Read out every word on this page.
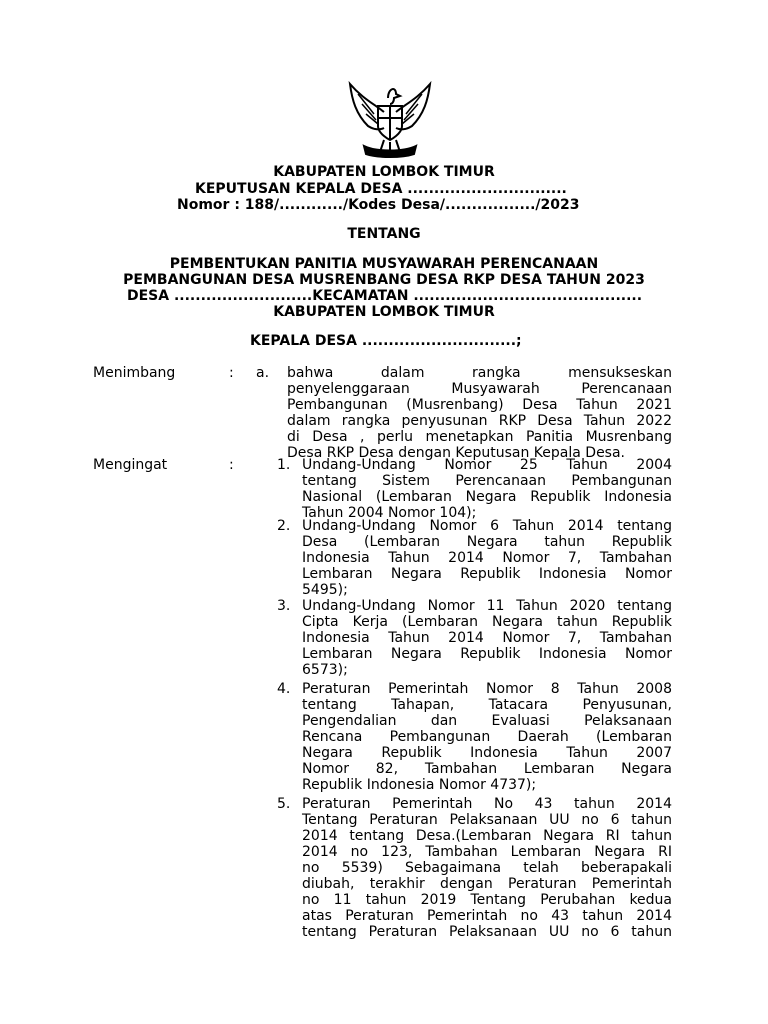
KABUPATEN LOMBOK TIMUR
KEPUTUSAN KEPALA DESA ..............................
Nomor : 188/............/Kodes Desa/................./2023
TENTANG
PEMBENTUKAN PANITIA MUSYAWARAH PERENCANAAN
PEMBANGUNAN DESA MUSRENBANG DESA RKP DESA TAHUN 2023
DESA ..........................KECAMATAN ...........................................
KABUPATEN LOMBOK TIMUR
KEPALA DESA .............................;
Menimbang	: a. bahwa dalam rangka mensukseskan
penyelenggaraan Musyawarah Perencanaan
Pembangunan (Musrenbang) Desa Tahun 2021
dalam rangka penyusunan RKP Desa Tahun 2022
di Desa , perlu menetapkan Panitia Musrenbang
Desa RKP Desa dengan Keputusan Kepala Desa.
Mengingat	:	1. Undang-Undang Nomor 25 Tahun 2004
tentang Sistem Perencanaan Pembangunan
Nasional (Lembaran Negara Republik Indonesia
Tahun 2004 Nomor 104);
2. Undang-Undang Nomor 6 Tahun 2014 tentang
Desa (Lembaran Negara tahun Republik
Indonesia Tahun 2014 Nomor 7, Tambahan
Lembaran Negara Republik Indonesia Nomor
5495);
3. Undang-Undang Nomor 11 Tahun 2020 tentang
Cipta Kerja (Lembaran Negara tahun Republik
Indonesia Tahun 2014 Nomor 7, Tambahan
Lembaran Negara Republik Indonesia Nomor
6573);
4. Peraturan Pemerintah Nomor 8 Tahun 2008
tentang Tahapan, Tatacara Penyusunan,
Pengendalian dan Evaluasi Pelaksanaan
Rencana Pembangunan Daerah (Lembaran
Negara Republik Indonesia Tahun 2007
Nomor 82, Tambahan Lembaran Negara
Republik Indonesia Nomor 4737);
5. Peraturan Pemerintah No 43 tahun 2014
Tentang Peraturan Pelaksanaan UU no 6 tahun
2014 tentang Desa.(Lembaran Negara RI tahun
2014 no 123, Tambahan Lembaran Negara RI
no 5539) Sebagaimana telah beberapakali
diubah, terakhir dengan Peraturan Pemerintah
no 11 tahun 2019 Tentang Perubahan kedua
atas Peraturan Pemerintah no 43 tahun 2014
tentang Peraturan Pelaksanaan UU no 6 tahun
